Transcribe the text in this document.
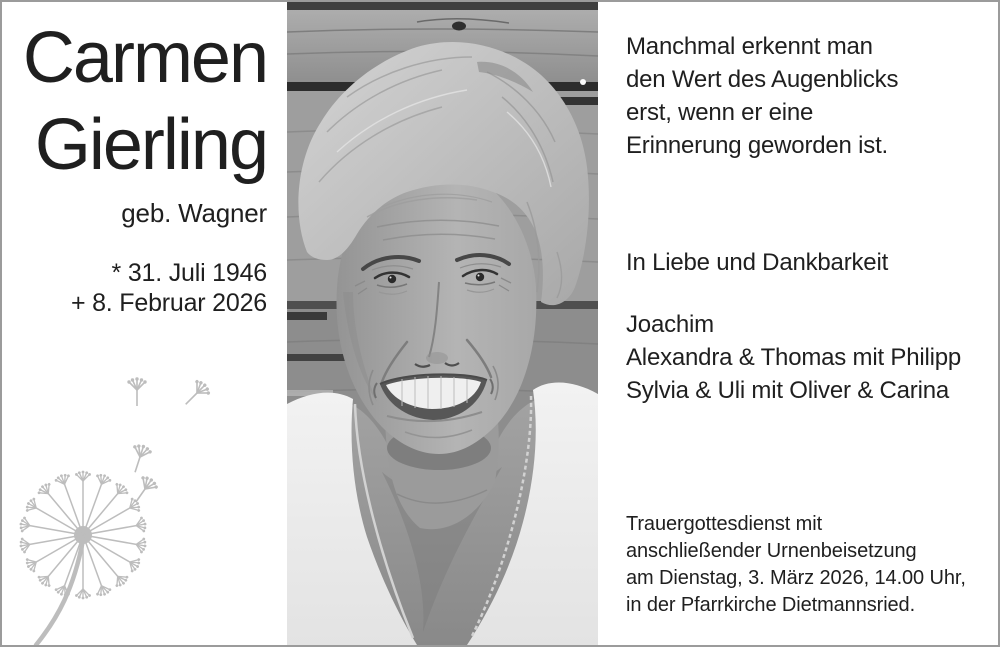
Carmen
Gierling
geb. Wagner
* 31. Juli 1946
+ 8. Februar 2026
Manchmal erkennt man
den Wert des Augenblicks
erst, wenn er eine
Erinnerung geworden ist.
In Liebe und Dankbarkeit
Joachim
Alexandra & Thomas mit Philipp
Sylvia & Uli mit Oliver & Carina
Trauergottesdienst mit
anschließender Urnenbeisetzung
am Dienstag, 3. März 2026, 14.00 Uhr,
in der Pfarrkirche Dietmannsried.
